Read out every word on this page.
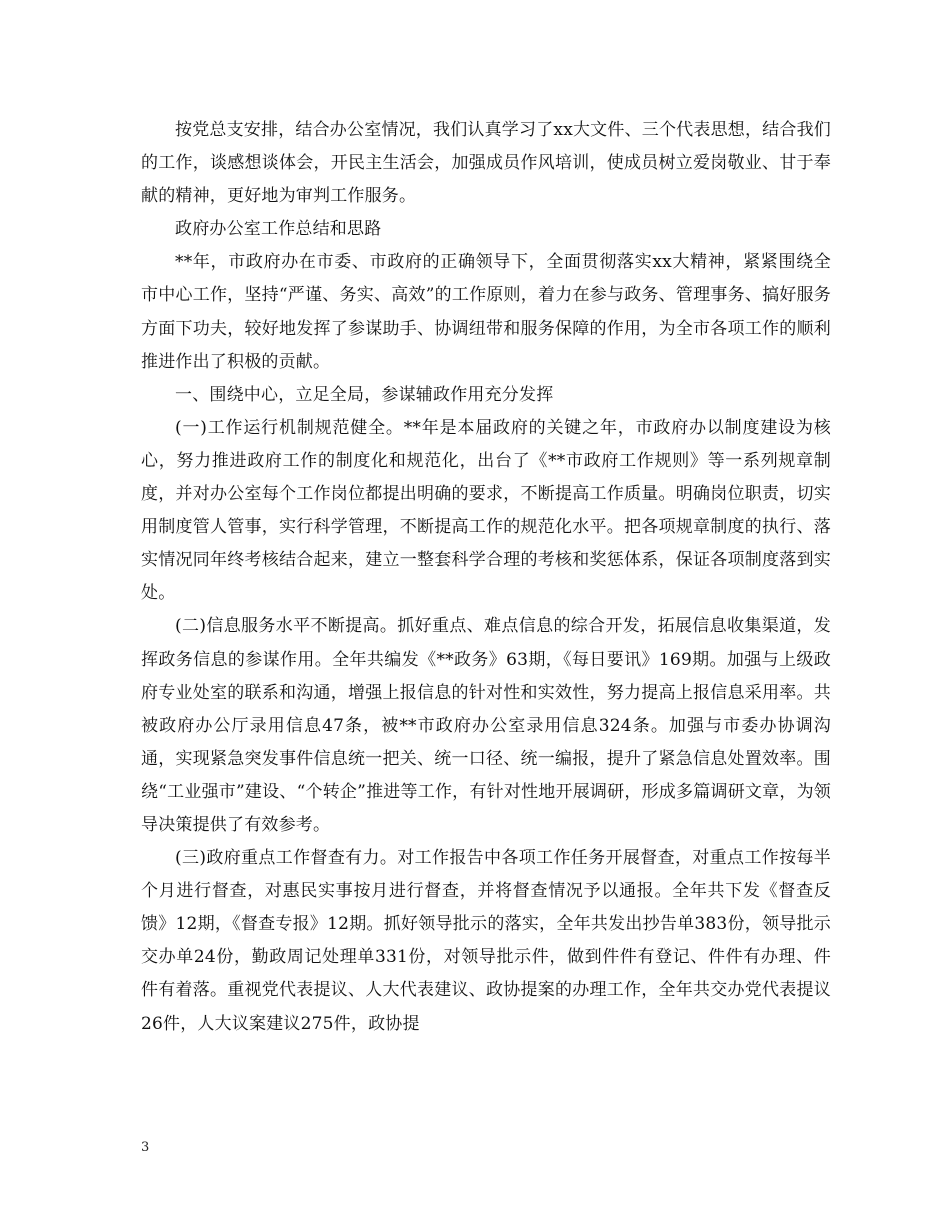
按党总支安排，结合办公室情况，我们认真学习了xx大文件、三个代表思想，结合我们的工作，谈感想谈体会，开民主生活会，加强成员作风培训，使成员树立爱岗敬业、甘于奉献的精神，更好地为审判工作服务。

政府办公室工作总结和思路

**年，市政府办在市委、市政府的正确领导下，全面贯彻落实xx大精神，紧紧围绕全市中心工作，坚持“严谨、务实、高效”的工作原则，着力在参与政务、管理事务、搞好服务方面下功夫，较好地发挥了参谋助手、协调纽带和服务保障的作用，为全市各项工作的顺利推进作出了积极的贡献。

一、围绕中心，立足全局，参谋辅政作用充分发挥

(一)工作运行机制规范健全。**年是本届政府的关键之年，市政府办以制度建设为核心，努力推进政府工作的制度化和规范化，出台了《**市政府工作规则》等一系列规章制度，并对办公室每个工作岗位都提出明确的要求，不断提高工作质量。明确岗位职责，切实用制度管人管事，实行科学管理，不断提高工作的规范化水平。把各项规章制度的执行、落实情况同年终考核结合起来，建立一整套科学合理的考核和奖惩体系，保证各项制度落到实处。

(二)信息服务水平不断提高。抓好重点、难点信息的综合开发，拓展信息收集渠道，发挥政务信息的参谋作用。全年共编发《**政务》63期，《每日要讯》169期。加强与上级政府专业处室的联系和沟通，增强上报信息的针对性和实效性，努力提高上报信息采用率。共被政府办公厅录用信息47条，被**市政府办公室录用信息324条。加强与市委办协调沟通，实现紧急突发事件信息统一把关、统一口径、统一编报，提升了紧急信息处置效率。围绕“工业强市”建设、“个转企”推进等工作，有针对性地开展调研，形成多篇调研文章，为领导决策提供了有效参考。

(三)政府重点工作督查有力。对工作报告中各项工作任务开展督查，对重点工作按每半个月进行督查，对惠民实事按月进行督查，并将督查情况予以通报。全年共下发《督查反馈》12期，《督查专报》12期。抓好领导批示的落实，全年共发出抄告单383份，领导批示交办单24份，勤政周记处理单331份，对领导批示件，做到件件有登记、件件有办理、件件有着落。重视党代表提议、人大代表建议、政协提案的办理工作，全年共交办党代表提议26件，人大议案建议275件，政协提

3
